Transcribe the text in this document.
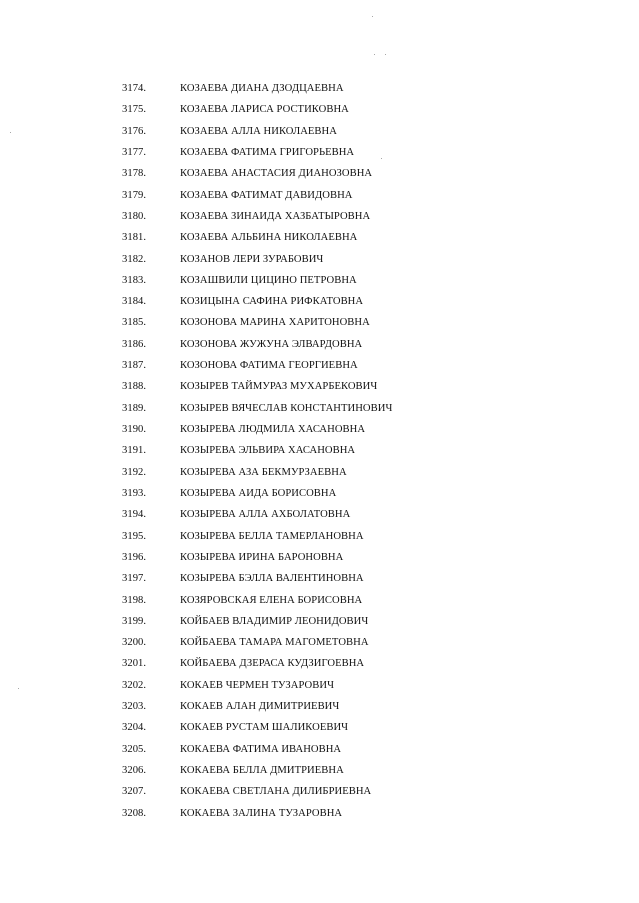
3174.	КОЗАЕВА ДИАНА ДЗОДЦАЕВНА
3175.	КОЗАЕВА ЛАРИСА РОСТИКОВНА
3176.	КОЗАЕВА АЛЛА НИКОЛАЕВНА
3177.	КОЗАЕВА ФАТИМА ГРИГОРЬЕВНА
3178.	КОЗАЕВА АНАСТАСИЯ ДИАНОЗОВНА
3179.	КОЗАЕВА ФАТИМАТ ДАВИДОВНА
3180.	КОЗАЕВА ЗИНАИДА ХАЗБАТЫРОВНА
3181.	КОЗАЕВА АЛЬБИНА НИКОЛАЕВНА
3182.	КОЗАНОВ ЛЕРИ ЗУРАБОВИЧ
3183.	КОЗАШВИЛИ ЦИЦИНО ПЕТРОВНА
3184.	КОЗИЦЫНА САФИНА РИФКАТОВНА
3185.	КОЗОНОВА МАРИНА ХАРИТОНОВНА
3186.	КОЗОНОВА ЖУЖУНА ЭЛВАРДОВНА
3187.	КОЗОНОВА ФАТИМА ГЕОРГИЕВНА
3188.	КОЗЫРЕВ ТАЙМУРАЗ МУХАРБЕКОВИЧ
3189.	КОЗЫРЕВ ВЯЧЕСЛАВ КОНСТАНТИНОВИЧ
3190.	КОЗЫРЕВА ЛЮДМИЛА ХАСАНОВНА
3191.	КОЗЫРЕВА ЭЛЬВИРА ХАСАНОВНА
3192.	КОЗЫРЕВА АЗА БЕКМУРЗАЕВНА
3193.	КОЗЫРЕВА АИДА БОРИСОВНА
3194.	КОЗЫРЕВА АЛЛА АХБОЛАТОВНА
3195.	КОЗЫРЕВА БЕЛЛА ТАМЕРЛАНОВНА
3196.	КОЗЫРЕВА ИРИНА БАРОНОВНА
3197.	КОЗЫРЕВА БЭЛЛА ВАЛЕНТИНОВНА
3198.	КОЗЯРОВСКАЯ ЕЛЕНА БОРИСОВНА
3199.	КОЙБАЕВ ВЛАДИМИР ЛЕОНИДОВИЧ
3200.	КОЙБАЕВА ТАМАРА МАГОМЕТОВНА
3201.	КОЙБАЕВА ДЗЕРАСА КУДЗИГОЕВНА
3202.	КОКАЕВ ЧЕРМЕН ТУЗАРОВИЧ
3203.	КОКАЕВ АЛАН ДИМИТРИЕВИЧ
3204.	КОКАЕВ РУСТАМ ШАЛИКОЕВИЧ
3205.	КОКАЕВА ФАТИМА ИВАНОВНА
3206.	КОКАЕВА БЕЛЛА ДМИТРИЕВНА
3207.	КОКАЕВА СВЕТЛАНА ДИЛИБРИЕВНА
3208.	КОКАЕВА ЗАЛИНА ТУЗАРОВНА
